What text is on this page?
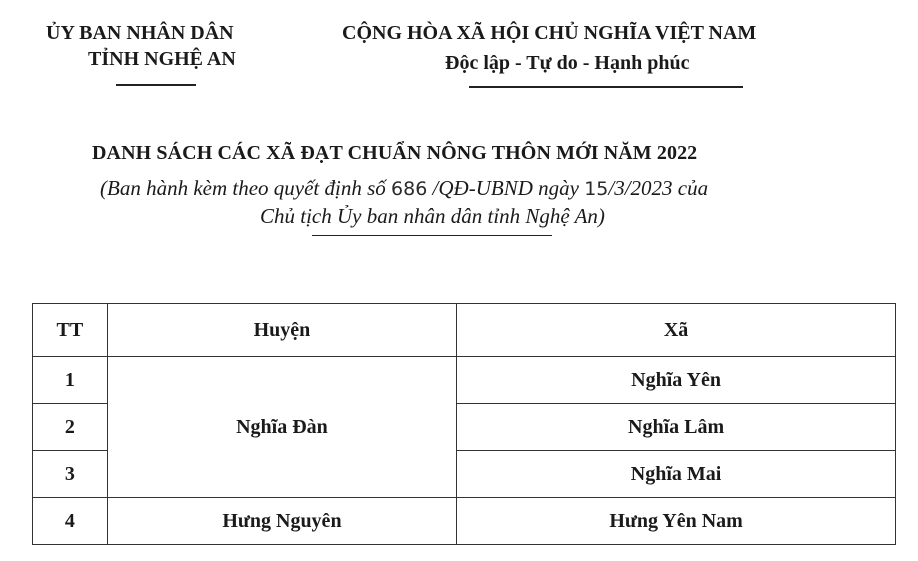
ỦY BAN NHÂN DÂN
TỈNH NGHỆ AN
CỘNG HÒA XÃ HỘI CHỦ NGHĨA VIỆT NAM
Độc lập - Tự do - Hạnh phúc
DANH SÁCH CÁC XÃ ĐẠT CHUẨN NÔNG THÔN MỚI NĂM 2022
(Ban hành kèm theo quyết định số 686 /QĐ-UBND ngày 15/3/2023 của
Chủ tịch Ủy ban nhân dân tỉnh Nghệ An)
TT	Huyện	Xã
1	Nghĩa Đàn	Nghĩa Yên
2		Nghĩa Lâm
3		Nghĩa Mai
4	Hưng Nguyên	Hưng Yên Nam
